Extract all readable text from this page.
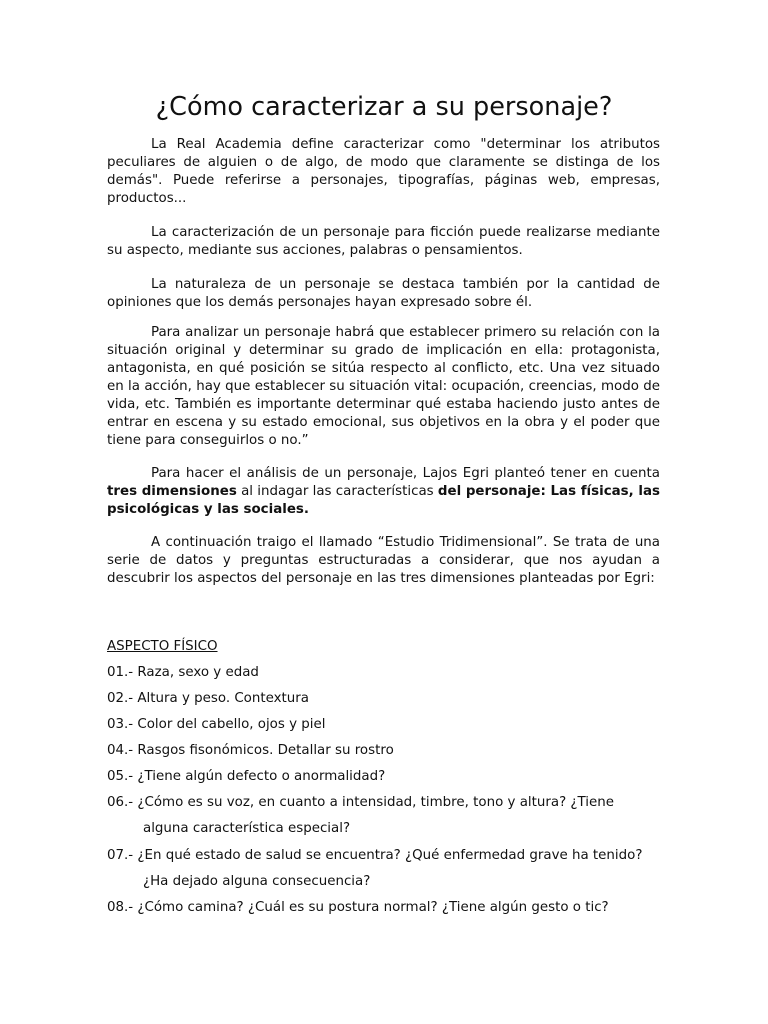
¿Cómo caracterizar a su personaje?

La Real Academia define caracterizar como "determinar los atributos peculiares de alguien o de algo, de modo que claramente se distinga de los demás". Puede referirse a personajes, tipografías, páginas web, empresas, productos...

La caracterización de un personaje para ficción puede realizarse mediante su aspecto, mediante sus acciones, palabras o pensamientos.

La naturaleza de un personaje se destaca también por la cantidad de opiniones que los demás personajes hayan expresado sobre él.

Para analizar un personaje habrá que establecer primero su relación con la situación original y determinar su grado de implicación en ella: protagonista, antagonista, en qué posición se sitúa respecto al conflicto, etc. Una vez situado en la acción, hay que establecer su situación vital: ocupación, creencias, modo de vida, etc. También es importante determinar qué estaba haciendo justo antes de entrar en escena y su estado emocional, sus objetivos en la obra y el poder que tiene para conseguirlos o no.”

Para hacer el análisis de un personaje, Lajos Egri planteó tener en cuenta tres dimensiones al indagar las características del personaje: Las físicas, las psicológicas y las sociales.

A continuación traigo el llamado “Estudio Tridimensional”. Se trata de una serie de datos y preguntas estructuradas a considerar, que nos ayudan a descubrir los aspectos del personaje en las tres dimensiones planteadas por Egri:

ASPECTO FÍSICO

01.- Raza, sexo y edad

02.- Altura y peso. Contextura

03.- Color del cabello, ojos y piel

04.- Rasgos fisonómicos. Detallar su rostro

05.- ¿Tiene algún defecto o anormalidad?

06.- ¿Cómo es su voz, en cuanto a intensidad, timbre, tono y altura? ¿Tiene
alguna característica especial?

07.- ¿En qué estado de salud se encuentra? ¿Qué enfermedad grave ha tenido?
¿Ha dejado alguna consecuencia?

08.- ¿Cómo camina? ¿Cuál es su postura normal? ¿Tiene algún gesto o tic?
